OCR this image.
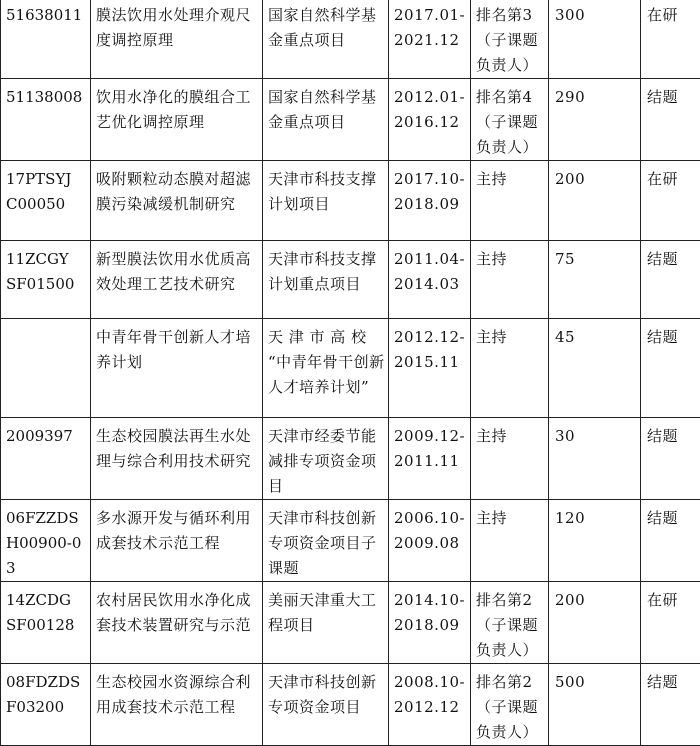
51638011	膜法饮用水处理介观尺度调控原理	国家自然科学基金重点项目	2017.01-
2021.12	排名第3
（子课题
负责人）	300	在研
51138008	饮用水净化的膜组合工艺优化调控原理	国家自然科学基金重点项目	2012.01-
2016.12	排名第4
（子课题
负责人）	290	结题
17PTSYJ
C00050	吸附颗粒动态膜对超滤膜污染减缓机制研究	天津市科技支撑计划项目	2017.10-
2018.09	主持	200	在研
11ZCGY
SF01500	新型膜法饮用水优质高效处理工艺技术研究	天津市科技支撑计划重点项目	2011.04-
2014.03	主持	75	结题
	中青年骨干创新人才培养计划	天 津 市 高 校 “中青年骨干创新人才培养计划”	2012.12-
2015.11	主持	45	结题
2009397	生态校园膜法再生水处理与综合利用技术研究	天津市经委节能减排专项资金项目	2009.12-
2011.11	主持	30	结题
06FZZDS
H00900-0
3	多水源开发与循环利用成套技术示范工程	天津市科技创新专项资金项目子课题	2006.10-
2009.08	主持	120	结题
14ZCDG
SF00128	农村居民饮用水净化成套技术装置研究与示范	美丽天津重大工程项目	2014.10-
2018.09	排名第2
（子课题
负责人）	200	在研
08FDZDS
F03200	生态校园水资源综合利用成套技术示范工程	天津市科技创新专项资金项目	2008.10-
2012.12	排名第2
（子课题
负责人）	500	结题
